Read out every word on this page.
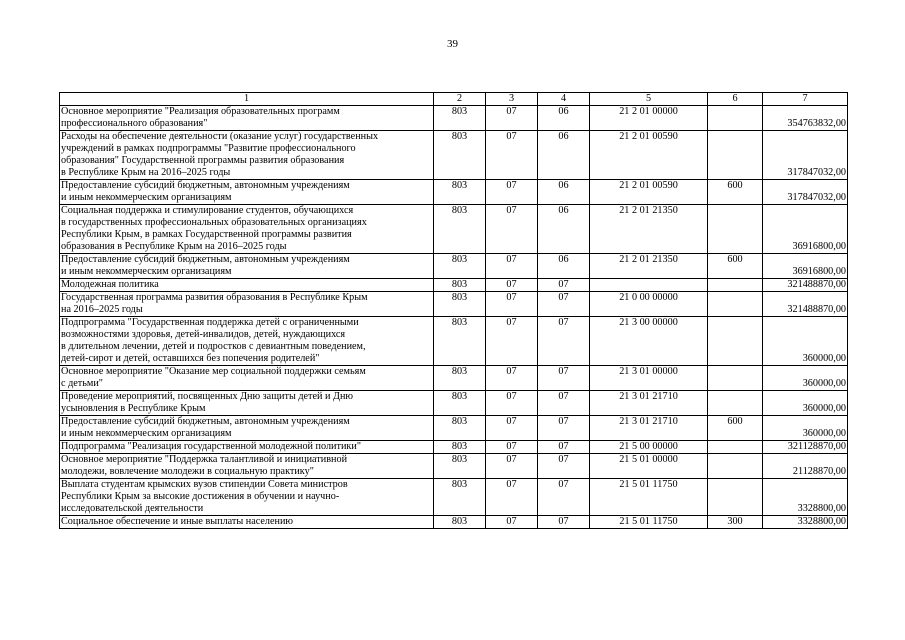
39
1	2	3	4	5	6	7
Основное мероприятие "Реализация образовательных программ
профессионального образования"	803	07	06	21 2 01 00000		354763832,00
Расходы на обеспечение деятельности (оказание услуг) государственных
учреждений в рамках подпрограммы "Развитие профессионального
образования" Государственной программы развития образования
в Республике Крым на 2016–2025 годы	803	07	06	21 2 01 00590		317847032,00
Предоставление субсидий бюджетным, автономным учреждениям
и иным некоммерческим организациям	803	07	06	21 2 01 00590	600	317847032,00
Социальная поддержка и стимулирование студентов, обучающихся
в государственных профессиональных образовательных организациях
Республики Крым, в рамках Государственной программы развития
образования в Республике Крым на 2016–2025 годы	803	07	06	21 2 01 21350		36916800,00
Предоставление субсидий бюджетным, автономным учреждениям
и иным некоммерческим организациям	803	07	06	21 2 01 21350	600	36916800,00
Молодежная политика	803	07	07			321488870,00
Государственная программа развития образования в Республике Крым
на 2016–2025 годы	803	07	07	21 0 00 00000		321488870,00
Подпрограмма "Государственная поддержка детей с ограниченными
возможностями здоровья, детей-инвалидов, детей, нуждающихся
в длительном лечении, детей и подростков с девиантным поведением,
детей-сирот и детей, оставшихся без попечения родителей"	803	07	07	21 3 00 00000		360000,00
Основное мероприятие "Оказание мер социальной поддержки семьям
с детьми"	803	07	07	21 3 01 00000		360000,00
Проведение мероприятий, посвященных Дню защиты детей и Дню
усыновления в Республике Крым	803	07	07	21 3 01 21710		360000,00
Предоставление субсидий бюджетным, автономным учреждениям
и иным некоммерческим организациям	803	07	07	21 3 01 21710	600	360000,00
Подпрограмма "Реализация государственной молодежной политики"	803	07	07	21 5 00 00000		321128870,00
Основное мероприятие "Поддержка талантливой и инициативной
молодежи, вовлечение молодежи в социальную практику"	803	07	07	21 5 01 00000		21128870,00
Выплата студентам крымских вузов стипендии Совета министров
Республики Крым за высокие достижения в обучении и научно-
исследовательской деятельности	803	07	07	21 5 01 11750		3328800,00
Социальное обеспечение и иные выплаты населению	803	07	07	21 5 01 11750	300	3328800,00
